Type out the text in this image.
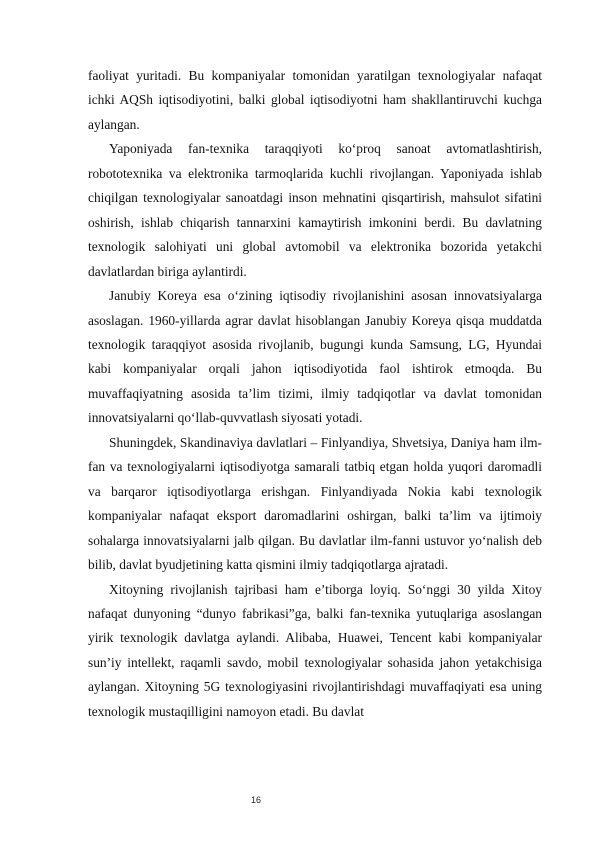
faoliyat yuritadi. Bu kompaniyalar tomonidan yaratilgan texnologiyalar nafaqat ichki AQSh iqtisodiyotini, balki global iqtisodiyotni ham shakllantiruvchi kuchga aylangan.

Yaponiyada fan-texnika taraqqiyoti ko‘proq sanoat avtomatlashtirish, robototexnika va elektronika tarmoqlarida kuchli rivojlangan. Yaponiyada ishlab chiqilgan texnologiyalar sanoatdagi inson mehnatini qisqartirish, mahsulot sifatini oshirish, ishlab chiqarish tannarxini kamaytirish imkonini berdi. Bu davlatning texnologik salohiyati uni global avtomobil va elektronika bozorida yetakchi davlatlardan biriga aylantirdi.

Janubiy Koreya esa o‘zining iqtisodiy rivojlanishini asosan innovatsiyalarga asoslagan. 1960-yillarda agrar davlat hisoblangan Janubiy Koreya qisqa muddatda texnologik taraqqiyot asosida rivojlanib, bugungi kunda Samsung, LG, Hyundai kabi kompaniyalar orqali jahon iqtisodiyotida faol ishtirok etmoqda. Bu muvaffaqiyatning asosida ta’lim tizimi, ilmiy tadqiqotlar va davlat tomonidan innovatsiyalarni qo‘llab-quvvatlash siyosati yotadi.

Shuningdek, Skandinaviya davlatlari – Finlyandiya, Shvetsiya, Daniya ham ilm-fan va texnologiyalarni iqtisodiyotga samarali tatbiq etgan holda yuqori daromadli va barqaror iqtisodiyotlarga erishgan. Finlyandiyada Nokia kabi texnologik kompaniyalar nafaqat eksport daromadlarini oshirgan, balki ta’lim va ijtimoiy sohalarga innovatsiyalarni jalb qilgan. Bu davlatlar ilm-fanni ustuvor yo‘nalish deb bilib, davlat byudjetining katta qismini ilmiy tadqiqotlarga ajratadi.

Xitoyning rivojlanish tajribasi ham e’tiborga loyiq. So‘nggi 30 yilda Xitoy nafaqat dunyoning “dunyo fabrikasi”ga, balki fan-texnika yutuqlariga asoslangan yirik texnologik davlatga aylandi. Alibaba, Huawei, Tencent kabi kompaniyalar sun’iy intellekt, raqamli savdo, mobil texnologiyalar sohasida jahon yetakchisiga aylangan. Xitoyning 5G texnologiyasini rivojlantirishdagi muvaffaqiyati esa uning texnologik mustaqilligini namoyon etadi. Bu davlat

16
